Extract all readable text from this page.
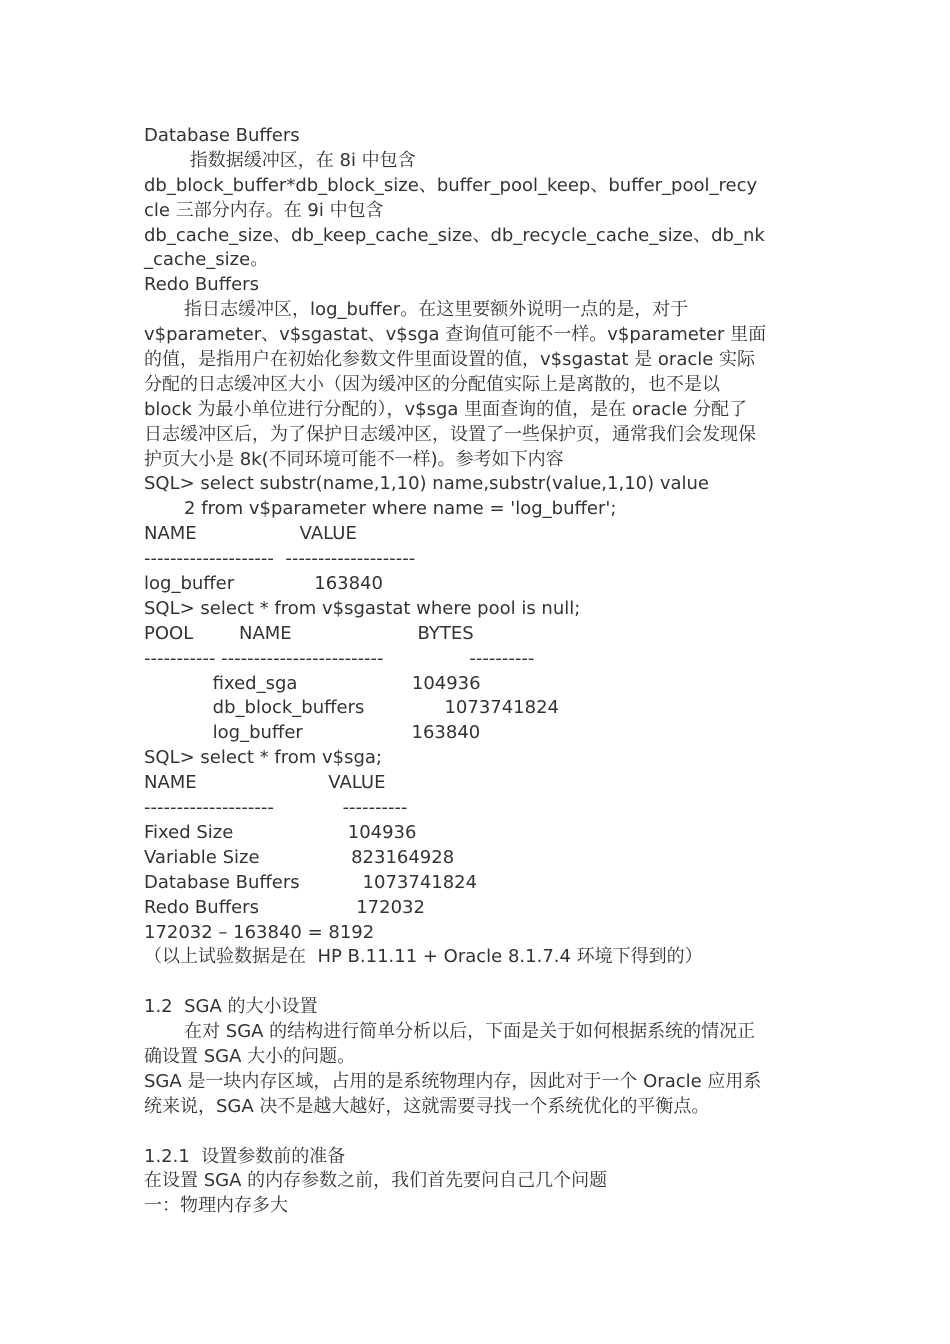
Database Buffers
指数据缓冲区，在 8i 中包含
db_block_buffer*db_block_size、buffer_pool_keep、buffer_pool_recy
cle 三部分内存。在 9i 中包含
db_cache_size、db_keep_cache_size、db_recycle_cache_size、db_nk
_cache_size。
Redo Buffers
指日志缓冲区，log_buffer。在这里要额外说明一点的是，对于
v$parameter、v$sgastat、v$sga 查询值可能不一样。v$parameter 里面
的值，是指用户在初始化参数文件里面设置的值，v$sgastat 是 oracle 实际
分配的日志缓冲区大小（因为缓冲区的分配值实际上是离散的，也不是以
block 为最小单位进行分配的），v$sga 里面查询的值，是在 oracle 分配了
日志缓冲区后，为了保护日志缓冲区，设置了一些保护页，通常我们会发现保
护页大小是 8k(不同环境可能不一样)。参考如下内容
SQL> select substr(name,1,10) name,substr(value,1,10) value
2 from v$parameter where name = 'log_buffer';
NAME                  VALUE
--------------------  --------------------
log_buffer              163840
SQL> select * from v$sgastat where pool is null;
POOL        NAME                      BYTES
----------- -------------------------               ----------
fixed_sga                    104936
db_block_buffers              1073741824
log_buffer                   163840
SQL> select * from v$sga;
NAME                       VALUE
--------------------            ----------
Fixed Size                    104936
Variable Size                823164928
Database Buffers           1073741824
Redo Buffers                 172032
172032 – 163840 = 8192
（以上试验数据是在  HP B.11.11 + Oracle 8.1.7.4 环境下得到的）
1.2  SGA 的大小设置
在对 SGA 的结构进行简单分析以后，下面是关于如何根据系统的情况正
确设置 SGA 大小的问题。
SGA 是一块内存区域，占用的是系统物理内存，因此对于一个 Oracle 应用系
统来说，SGA 决不是越大越好，这就需要寻找一个系统优化的平衡点。
1.2.1  设置参数前的准备
在设置 SGA 的内存参数之前，我们首先要问自己几个问题
一：物理内存多大
